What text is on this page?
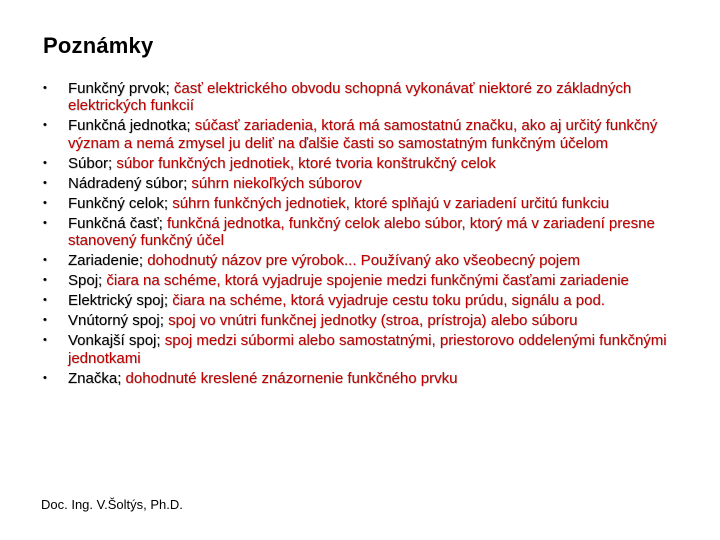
Poznámky
• Funkčný prvok; časť elektrického obvodu schopná vykonávať niektoré zo základných elektrických funkcií
• Funkčná jednotka; súčasť zariadenia, ktorá má samostatnú značku, ako aj určitý funkčný význam a nemá zmysel ju deliť na ďalšie časti so samostatným funkčným účelom
• Súbor; súbor funkčných jednotiek, ktoré tvoria konštrukčný celok
• Nádradený súbor; súhrn niekoľkých súborov
• Funkčný celok; súhrn funkčných jednotiek, ktoré splňajú v zariadení určitú funkciu
• Funkčná časť; funkčná jednotka, funkčný celok alebo súbor, ktorý má v zariadení presne stanovený funkčný účel
• Zariadenie; dohodnutý názov pre výrobok... Používaný ako všeobecný pojem
• Spoj; čiara na schéme, ktorá vyjadruje spojenie medzi funkčnými časťami zariadenie
• Elektrický spoj; čiara na schéme, ktorá vyjadruje cestu toku prúdu, signálu a pod.
• Vnútorný spoj; spoj vo vnútri funkčnej jednotky (stroa, prístroja) alebo súboru
• Vonkajší spoj; spoj medzi súbormi alebo samostatnými, priestorovo oddelenými funkčnými jednotkami
• Značka; dohodnuté kreslené znázornenie funkčného prvku
Doc. Ing. V.Šoltýs, Ph.D.
